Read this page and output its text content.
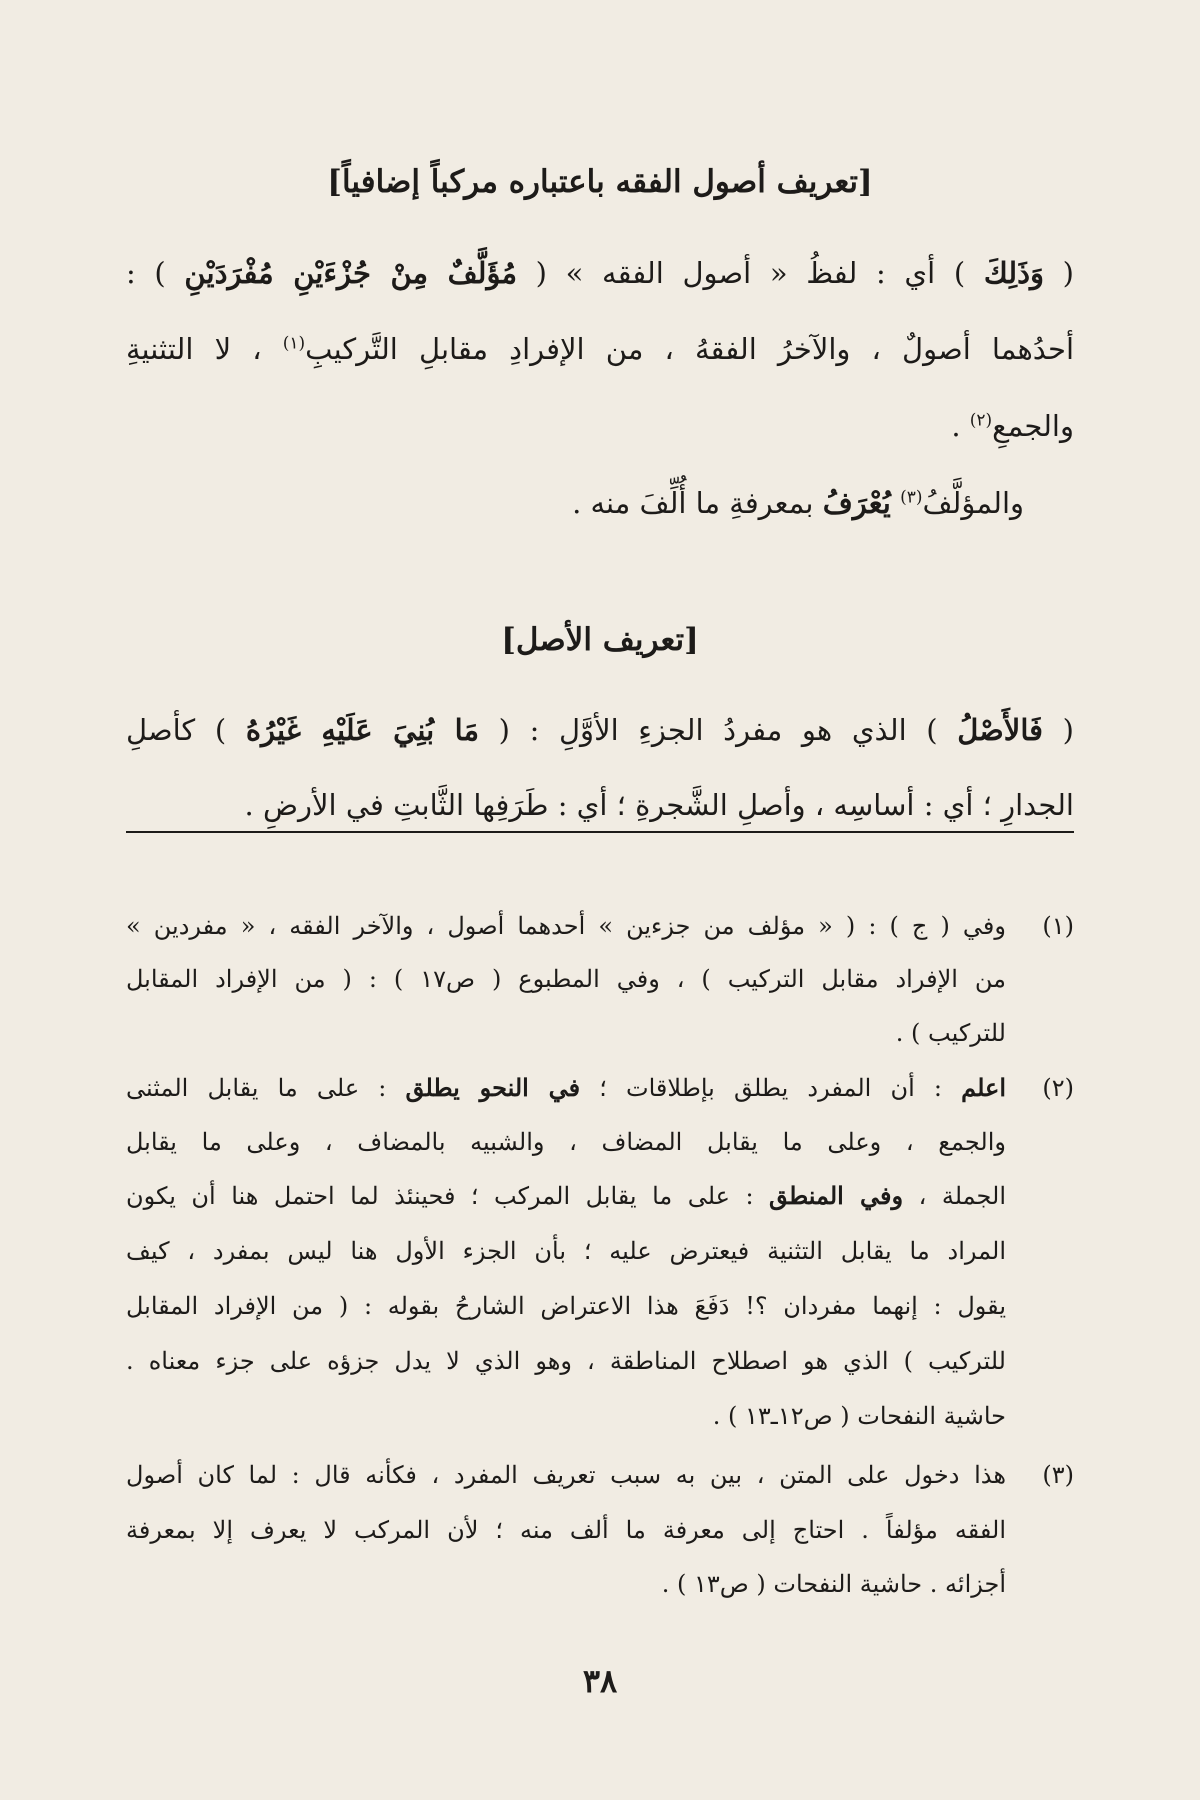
[تعريف أصول الفقه باعتباره مركباً إضافياً]
( وَذَلِكَ ) أي : لفظُ « أصول الفقه » ( مُؤَلَّفٌ مِنْ جُزْءَيْنِ مُفْرَدَيْنِ ) :
أحدُهما أصولٌ ، والآخرُ الفقهُ ، من الإفرادِ مقابلِ التَّركيبِ$^{(١)}$ ، لا التثنيةِ
والجمعِ$^{(٢)}$ .
والمؤلَّفُ$^{(٣)}$ يُعْرَفُ بمعرفةِ ما أُلِّفَ منه .
[تعريف الأصل]
( فَالأَصْلُ ) الذي هو مفردُ الجزءِ الأوَّلِ : ( مَا بُنِيَ عَلَيْهِ غَيْرُهُ ) كأصلِ
الجدارِ ؛ أي : أساسِه ، وأصلِ الشَّجرةِ ؛ أي : طَرَفِها الثَّابتِ في الأرضِ .
(١)
وفي ( ج ) : ( « مؤلف من جزءين » أحدهما أصول ، والآخر الفقه ، « مفردين »
من الإفراد مقابل التركيب ) ، وفي المطبوع ( ص١٧ ) : ( من الإفراد المقابل
للتركيب ) .
(٢)
اعلم : أن المفرد يطلق بإطلاقات ؛ في النحو يطلق : على ما يقابل المثنى
والجمع ، وعلى ما يقابل المضاف ، والشبيه بالمضاف ، وعلى ما يقابل
الجملة ، وفي المنطق : على ما يقابل المركب ؛ فحينئذ لما احتمل هنا أن يكون
المراد ما يقابل التثنية فيعترض عليه ؛ بأن الجزء الأول هنا ليس بمفرد ، كيف
يقول : إنهما مفردان ؟! دَفَعَ هذا الاعتراض الشارحُ بقوله : ( من الإفراد المقابل
للتركيب ) الذي هو اصطلاح المناطقة ، وهو الذي لا يدل جزؤه على جزء معناه .
حاشية النفحات ( ص١٢ـ١٣ ) .
(٣)
هذا دخول على المتن ، بين به سبب تعريف المفرد ، فكأنه قال : لما كان أصول
الفقه مؤلفاً . احتاج إلى معرفة ما ألف منه ؛ لأن المركب لا يعرف إلا بمعرفة
أجزائه . حاشية النفحات ( ص١٣ ) .
٣٨
